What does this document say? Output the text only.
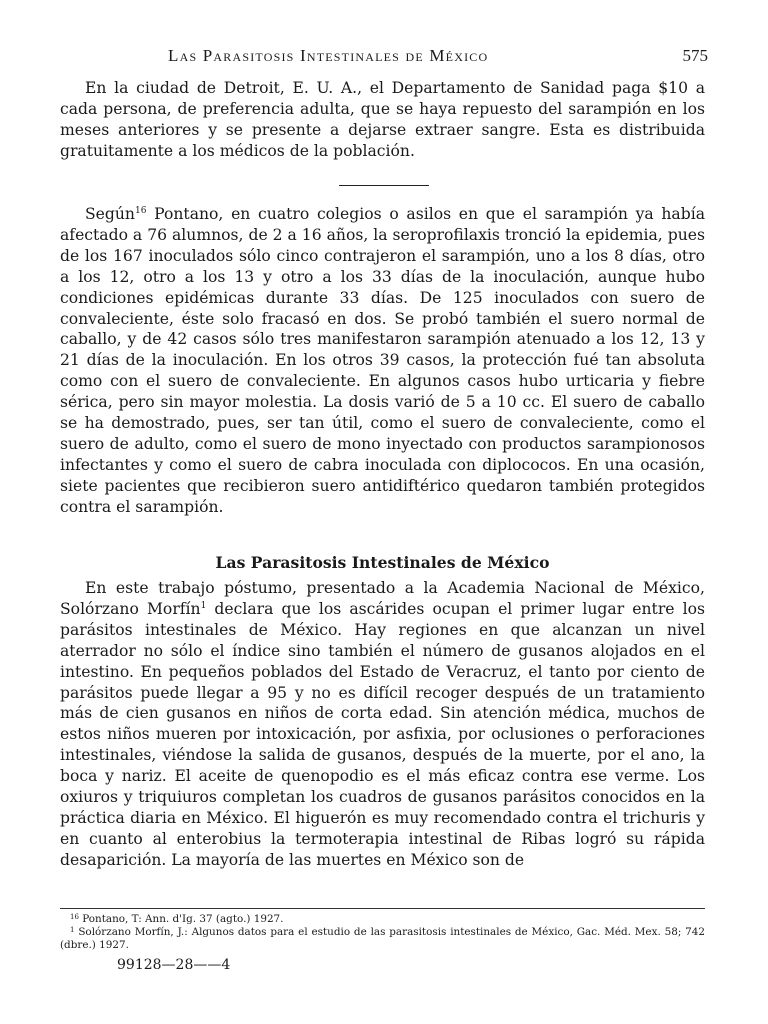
Las Parasitosis Intestinales de México	575

En la ciudad de Detroit, E. U. A., el Departamento de Sanidad paga $10 a cada persona, de preferencia adulta, que se haya repuesto del sarampión en los meses anteriores y se presente a dejarse extraer sangre. Esta es distribuida gratuitamente a los médicos de la población.

Según$^{16}$ Pontano, en cuatro colegios o asilos en que el sarampión ya había afectado a 76 alumnos, de 2 a 16 años, la seroprofilaxis tronció la epidemia, pues de los 167 inoculados sólo cinco contrajeron el sarampión, uno a los 8 días, otro a los 12, otro a los 13 y otro a los 33 días de la inoculación, aunque hubo condiciones epidémicas durante 33 días. De 125 inoculados con suero de convaleciente, éste solo fracasó en dos. Se probó también el suero normal de caballo, y de 42 casos sólo tres manifestaron sarampión atenuado a los 12, 13 y 21 días de la inoculación. En los otros 39 casos, la protección fué tan absoluta como con el suero de convaleciente. En algunos casos hubo urticaria y fiebre sérica, pero sin mayor molestia. La dosis varió de 5 a 10 cc. El suero de caballo se ha demostrado, pues, ser tan útil, como el suero de convaleciente, como el suero de adulto, como el suero de mono inyectado con productos sarampionosos infectantes y como el suero de cabra inoculada con diplococos. En una ocasión, siete pacientes que recibieron suero antidiftérico quedaron también protegidos contra el sarampión.

Las Parasitosis Intestinales de México

En este trabajo póstumo, presentado a la Academia Nacional de México, Solórzano Morfín$^1$ declara que los ascárides ocupan el primer lugar entre los parásitos intestinales de México. Hay regiones en que alcanzan un nivel aterrador no sólo el índice sino también el número de gusanos alojados en el intestino. En pequeños poblados del Estado de Veracruz, el tanto por ciento de parásitos puede llegar a 95 y no es difícil recoger después de un tratamiento más de cien gusanos en niños de corta edad. Sin atención médica, muchos de estos niños mueren por intoxicación, por asfixia, por oclusiones o perforaciones intestinales, viéndose la salida de gusanos, después de la muerte, por el ano, la boca y nariz. El aceite de quenopodio es el más eficaz contra ese verme. Los oxiuros y triquiuros completan los cuadros de gusanos parásitos conocidos en la práctica diaria en México. El higuerón es muy recomendado contra el trichuris y en cuanto al enterobius la termoterapia intestinal de Ribas logró su rápida desaparición. La mayoría de las muertes en México son de

$^{16}$ Pontano, T: Ann. d'Ig. 37 (agto.) 1927.

$^1$ Solórzano Morfín, J.: Algunos datos para el estudio de las parasitosis intestinales de México, Gac. Méd. Mex. 58; 742 (dbre.) 1927.

99128—28——4
